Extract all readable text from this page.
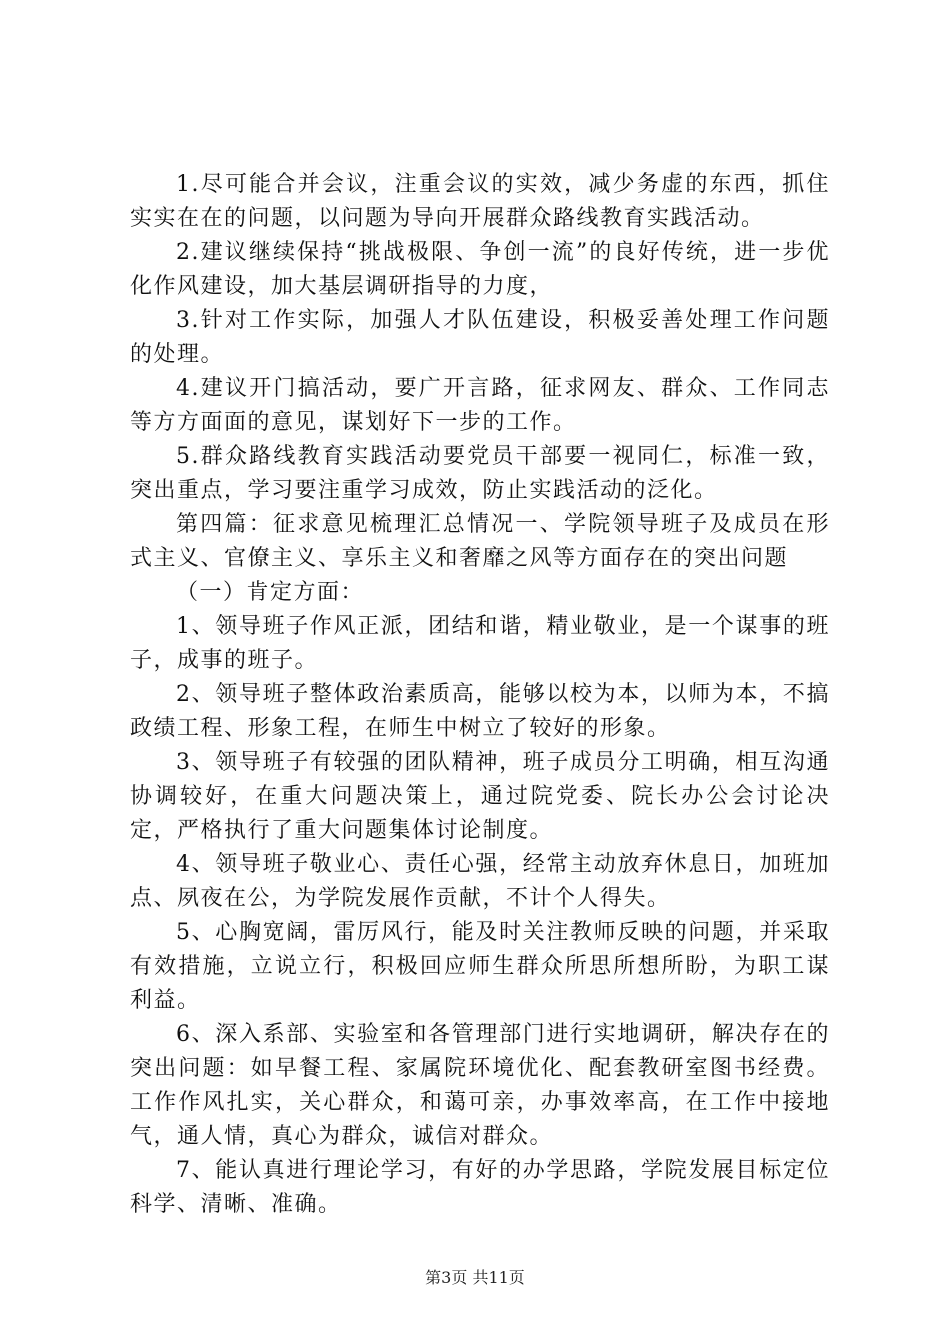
1.尽可能合并会议，注重会议的实效，减少务虚的东西，抓住实实在在的问题，以问题为导向开展群众路线教育实践活动。

2.建议继续保持“挑战极限、争创一流”的良好传统，进一步优化作风建设，加大基层调研指导的力度，

3.针对工作实际，加强人才队伍建设，积极妥善处理工作问题的处理。

4.建议开门搞活动，要广开言路，征求网友、群众、工作同志等方方面面的意见，谋划好下一步的工作。

5.群众路线教育实践活动要党员干部要一视同仁，标准一致，突出重点，学习要注重学习成效，防止实践活动的泛化。

第四篇：征求意见梳理汇总情况一、学院领导班子及成员在形式主义、官僚主义、享乐主义和奢靡之风等方面存在的突出问题

（一）肯定方面：

1、领导班子作风正派，团结和谐，精业敬业，是一个谋事的班子，成事的班子。

2、领导班子整体政治素质高，能够以校为本，以师为本，不搞政绩工程、形象工程，在师生中树立了较好的形象。

3、领导班子有较强的团队精神，班子成员分工明确，相互沟通协调较好，在重大问题决策上，通过院党委、院长办公会讨论决定，严格执行了重大问题集体讨论制度。

4、领导班子敬业心、责任心强，经常主动放弃休息日，加班加点、夙夜在公，为学院发展作贡献，不计个人得失。

5、心胸宽阔，雷厉风行，能及时关注教师反映的问题，并采取有效措施，立说立行，积极回应师生群众所思所想所盼，为职工谋利益。

6、深入系部、实验室和各管理部门进行实地调研，解决存在的突出问题：如早餐工程、家属院环境优化、配套教研室图书经费。工作作风扎实，关心群众，和蔼可亲，办事效率高，在工作中接地气，通人情，真心为群众，诚信对群众。

7、能认真进行理论学习，有好的办学思路，学院发展目标定位科学、清晰、准确。

第3页 共11页
